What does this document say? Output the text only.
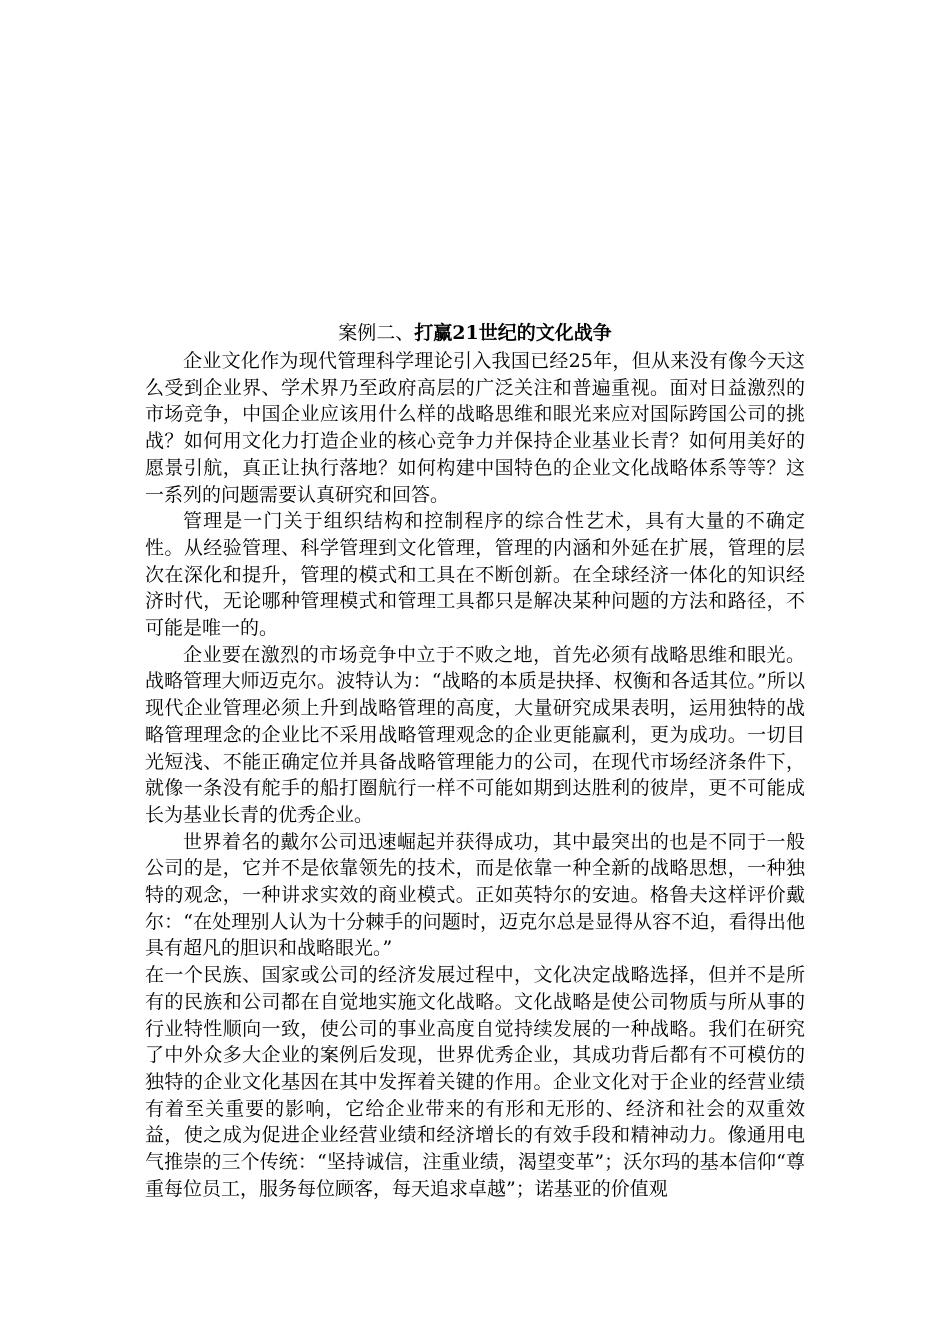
案例二、打赢21世纪的文化战争

企业文化作为现代管理科学理论引入我国已经25年，但从来没有像今天这么受到企业界、学术界乃至政府高层的广泛关注和普遍重视。面对日益激烈的市场竞争，中国企业应该用什么样的战略思维和眼光来应对国际跨国公司的挑战？如何用文化力打造企业的核心竞争力并保持企业基业长青？如何用美好的愿景引航，真正让执行落地？如何构建中国特色的企业文化战略体系等等？这一系列的问题需要认真研究和回答。

管理是一门关于组织结构和控制程序的综合性艺术，具有大量的不确定性。从经验管理、科学管理到文化管理，管理的内涵和外延在扩展，管理的层次在深化和提升，管理的模式和工具在不断创新。在全球经济一体化的知识经济时代，无论哪种管理模式和管理工具都只是解决某种问题的方法和路径，不可能是唯一的。

企业要在激烈的市场竞争中立于不败之地，首先必须有战略思维和眼光。战略管理大师迈克尔。波特认为：“战略的本质是抉择、权衡和各适其位。”所以现代企业管理必须上升到战略管理的高度，大量研究成果表明，运用独特的战略管理理念的企业比不采用战略管理观念的企业更能赢利，更为成功。一切目光短浅、不能正确定位并具备战略管理能力的公司，在现代市场经济条件下，就像一条没有舵手的船打圈航行一样不可能如期到达胜利的彼岸，更不可能成长为基业长青的优秀企业。

世界着名的戴尔公司迅速崛起并获得成功，其中最突出的也是不同于一般公司的是，它并不是依靠领先的技术，而是依靠一种全新的战略思想，一种独特的观念，一种讲求实效的商业模式。正如英特尔的安迪。格鲁夫这样评价戴尔：“在处理别人认为十分棘手的问题时，迈克尔总是显得从容不迫，看得出他具有超凡的胆识和战略眼光。”

在一个民族、国家或公司的经济发展过程中，文化决定战略选择，但并不是所有的民族和公司都在自觉地实施文化战略。文化战略是使公司物质与所从事的行业特性顺向一致，使公司的事业高度自觉持续发展的一种战略。我们在研究了中外众多大企业的案例后发现，世界优秀企业，其成功背后都有不可模仿的独特的企业文化基因在其中发挥着关键的作用。企业文化对于企业的经营业绩有着至关重要的影响，它给企业带来的有形和无形的、经济和社会的双重效益，使之成为促进企业经营业绩和经济增长的有效手段和精神动力。像通用电气推崇的三个传统：“坚持诚信，注重业绩，渴望变革”；沃尔玛的基本信仰“尊重每位员工，服务每位顾客，每天追求卓越”；诺基亚的价值观
